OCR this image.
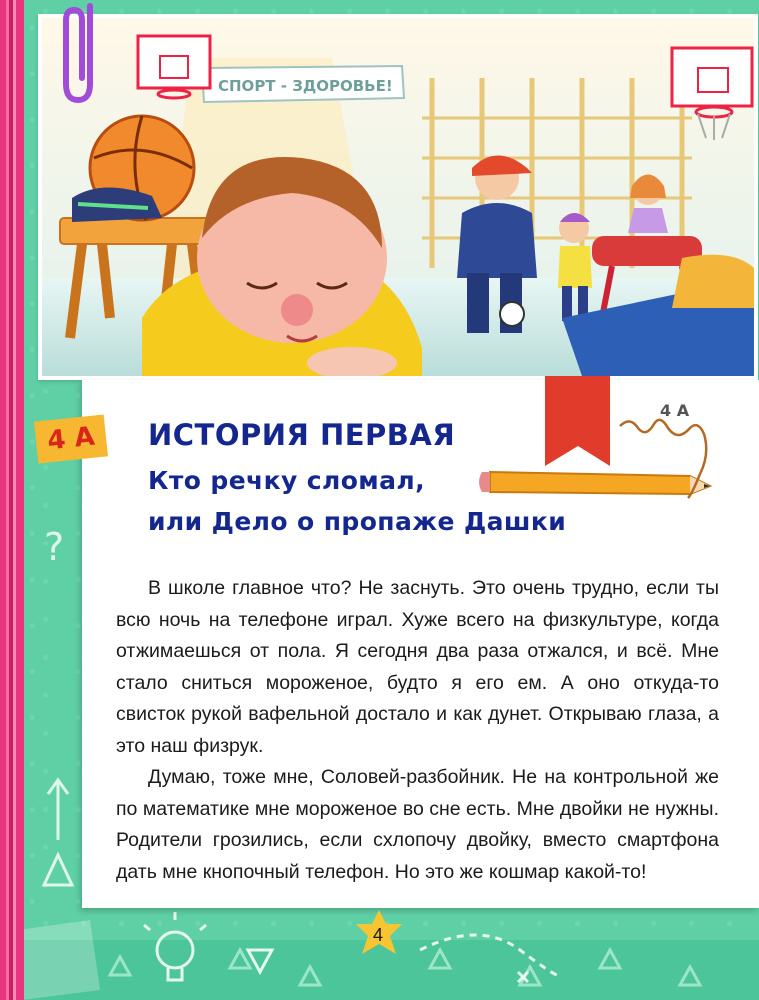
?
СПОРТ - ЗДОРОВЬЕ!
4 А
4 А	ИСТОРИЯ ПЕРВАЯ
Кто речку сломал,
или Дело о пропаже Дашки

В школе главное что? Не заснуть. Это очень трудно, если ты всю ночь на телефоне играл. Хуже всего на физкультуре, когда отжимаешься от пола. Я сегодня два раза отжался, и всё. Мне стало сниться мороженое, будто я его ем. А оно откуда-то свисток рукой вафельной достало и как дунет. Открываю глаза, а это наш физрук.

Думаю, тоже мне, Соловей-разбойник. Не на контрольной же по математике мне мороженое во сне есть. Мне двойки не нужны. Родители грозились, если схлопочу двойку, вместо смартфона дать мне кнопочный телефон. Но это же кошмар какой-то!

4
